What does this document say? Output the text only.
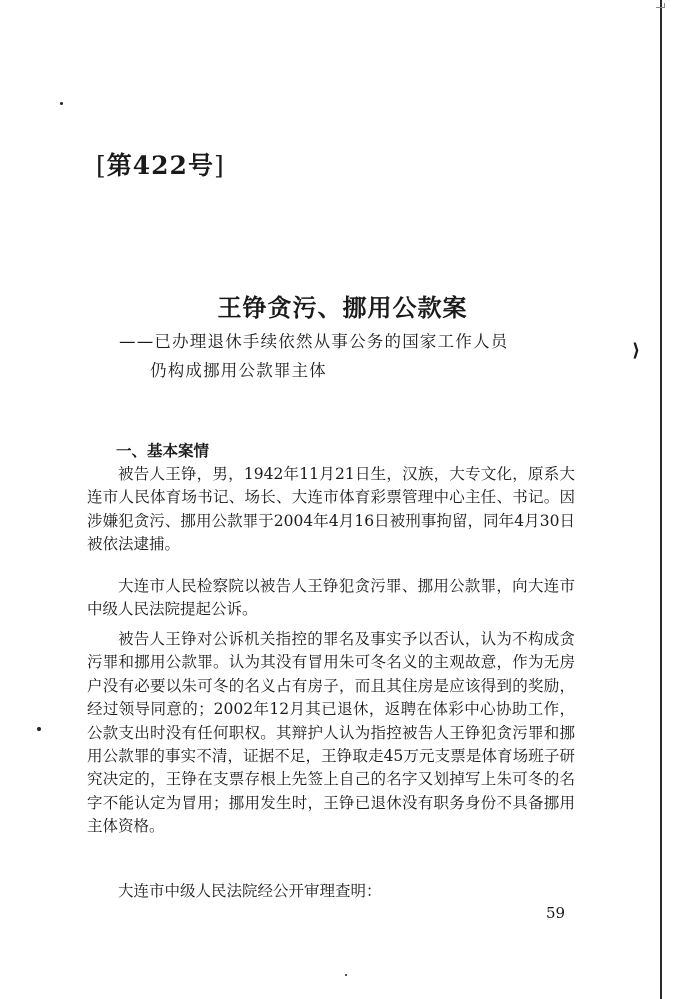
[第422号]
王铮贪污、挪用公款案
——已办理退休手续依然从事公务的国家工作人员
仍构成挪用公款罪主体
⟩
一、基本案情
被告人王铮，男，1942年11月21日生，汉族，大专文化，原系大连市人民体育场书记、场长、大连市体育彩票管理中心主任、书记。因涉嫌犯贪污、挪用公款罪于2004年4月16日被刑事拘留，同年4月30日被依法逮捕。
大连市人民检察院以被告人王铮犯贪污罪、挪用公款罪，向大连市中级人民法院提起公诉。
被告人王铮对公诉机关指控的罪名及事实予以否认，认为不构成贪污罪和挪用公款罪。认为其没有冒用朱可冬名义的主观故意，作为无房户没有必要以朱可冬的名义占有房子，而且其住房是应该得到的奖励，经过领导同意的；2002年12月其已退休，返聘在体彩中心协助工作，公款支出时没有任何职权。其辩护人认为指控被告人王铮犯贪污罪和挪用公款罪的事实不清，证据不足，王铮取走45万元支票是体育场班子研究决定的，王铮在支票存根上先签上自己的名字又划掉写上朱可冬的名字不能认定为冒用；挪用发生时，王铮已退休没有职务身份不具备挪用主体资格。
大连市中级人民法院经公开审理查明：
59
